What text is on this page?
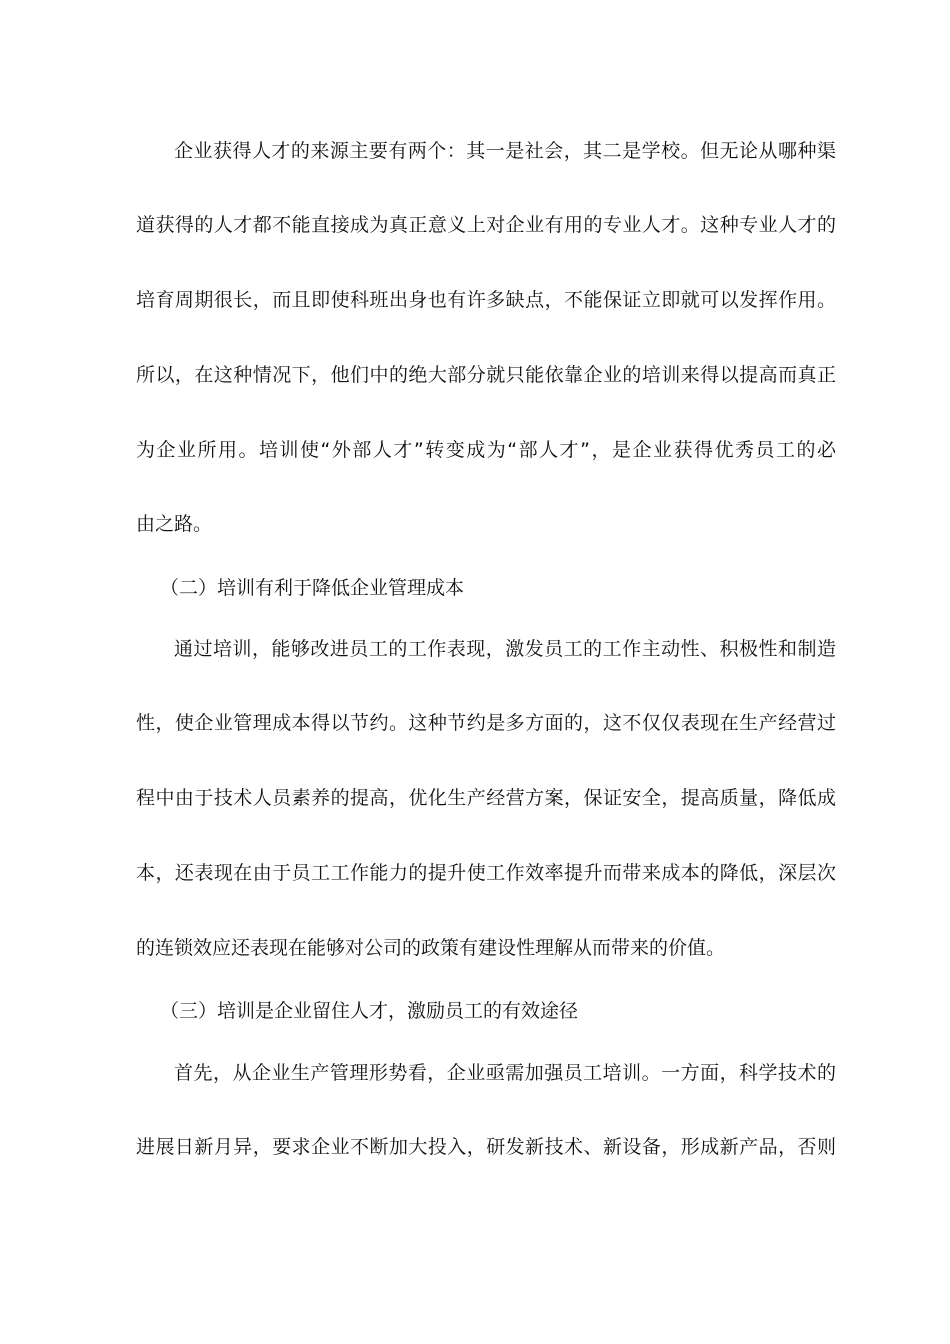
企业获得人才的来源主要有两个：其一是社会，其二是学校。但无论从哪种渠
道获得的人才都不能直接成为真正意义上对企业有用的专业人才。这种专业人才的
培育周期很长，而且即使科班出身也有许多缺点，不能保证立即就可以发挥作用。
所以，在这种情况下，他们中的绝大部分就只能依靠企业的培训来得以提高而真正
为企业所用。培训使“外部人才”转变成为“部人才”，是企业获得优秀员工的必
由之路。
（二）培训有利于降低企业管理成本
通过培训，能够改进员工的工作表现，激发员工的工作主动性、积极性和制造
性，使企业管理成本得以节约。这种节约是多方面的，这不仅仅表现在生产经营过
程中由于技术人员素养的提高，优化生产经营方案，保证安全，提高质量，降低成
本，还表现在由于员工工作能力的提升使工作效率提升而带来成本的降低，深层次
的连锁效应还表现在能够对公司的政策有建设性理解从而带来的价值。
（三）培训是企业留住人才，激励员工的有效途径
首先，从企业生产管理形势看，企业亟需加强员工培训。一方面，科学技术的
进展日新月异，要求企业不断加大投入，研发新技术、新设备，形成新产品，否则
